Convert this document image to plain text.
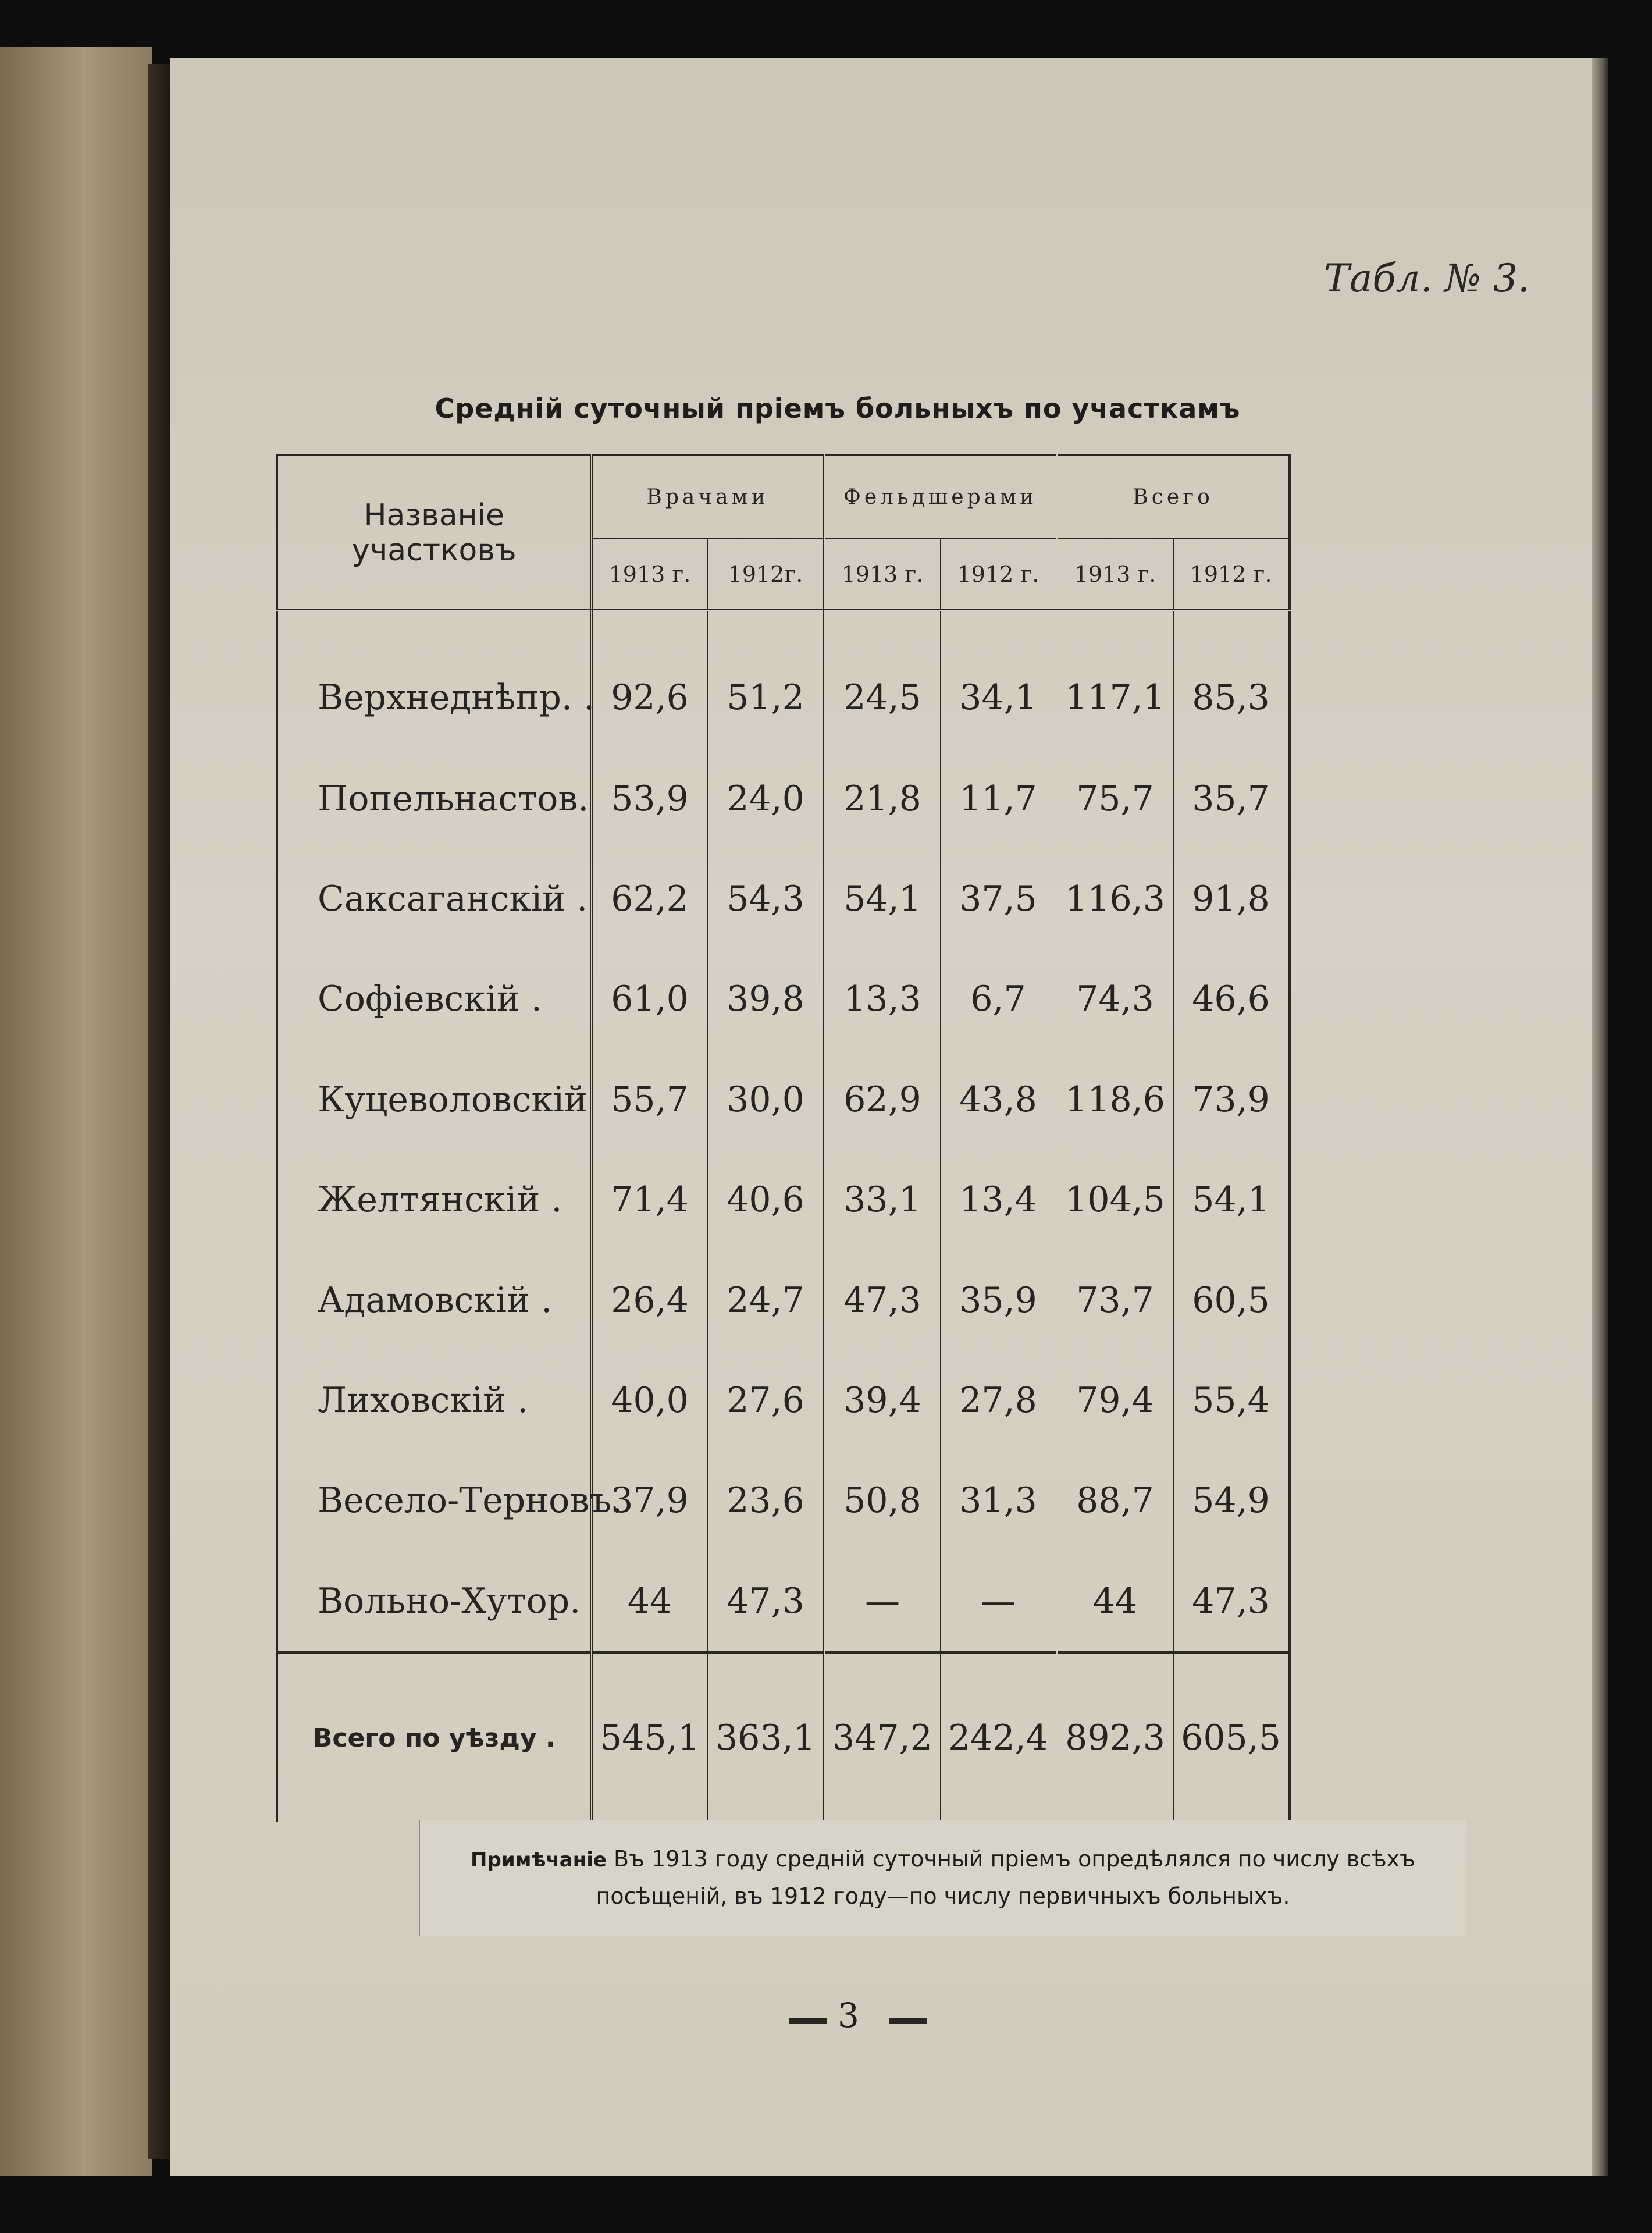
Табл. № 3.
Среднiй суточный прiемъ больныхъ по участкамъ
Названiе участковъ	Врачами		Фельдшерами		Всего	
	1913 г.	1912г.	1913 г.	1912 г.	1913 г.	1912 г.
Верхнеднѣпр. .	92,6	51,2	24,5	34,1	117,1	85,3
Попельнастов.	53,9	24,0	21,8	11,7	75,7	35,7
Саксаганскiй .	62,2	54,3	54,1	37,5	116,3	91,8
Софiевскiй .	61,0	39,8	13,3	6,7	74,3	46,6
Куцеволовскiй	55,7	30,0	62,9	43,8	118,6	73,9
Желтянскiй .	71,4	40,6	33,1	13,4	104,5	54,1
Адамовскiй .	26,4	24,7	47,3	35,9	73,7	60,5
Лиховскiй .	40,0	27,6	39,4	27,8	79,4	55,4
Весело-Терновъ.	37,9	23,6	50,8	31,3	88,7	54,9
Вольно-Хутор.	44	47,3	—	—	44	47,3
Всего по уѣзду .	545,1	363,1	347,2	242,4	892,3	605,5
Примѣчанiе Въ 1913 году среднiй суточный прiемъ опредѣлялся по числу всѣхъ посѣщенiй, въ 1912 году—по числу первичныхъ больныхъ.
3
